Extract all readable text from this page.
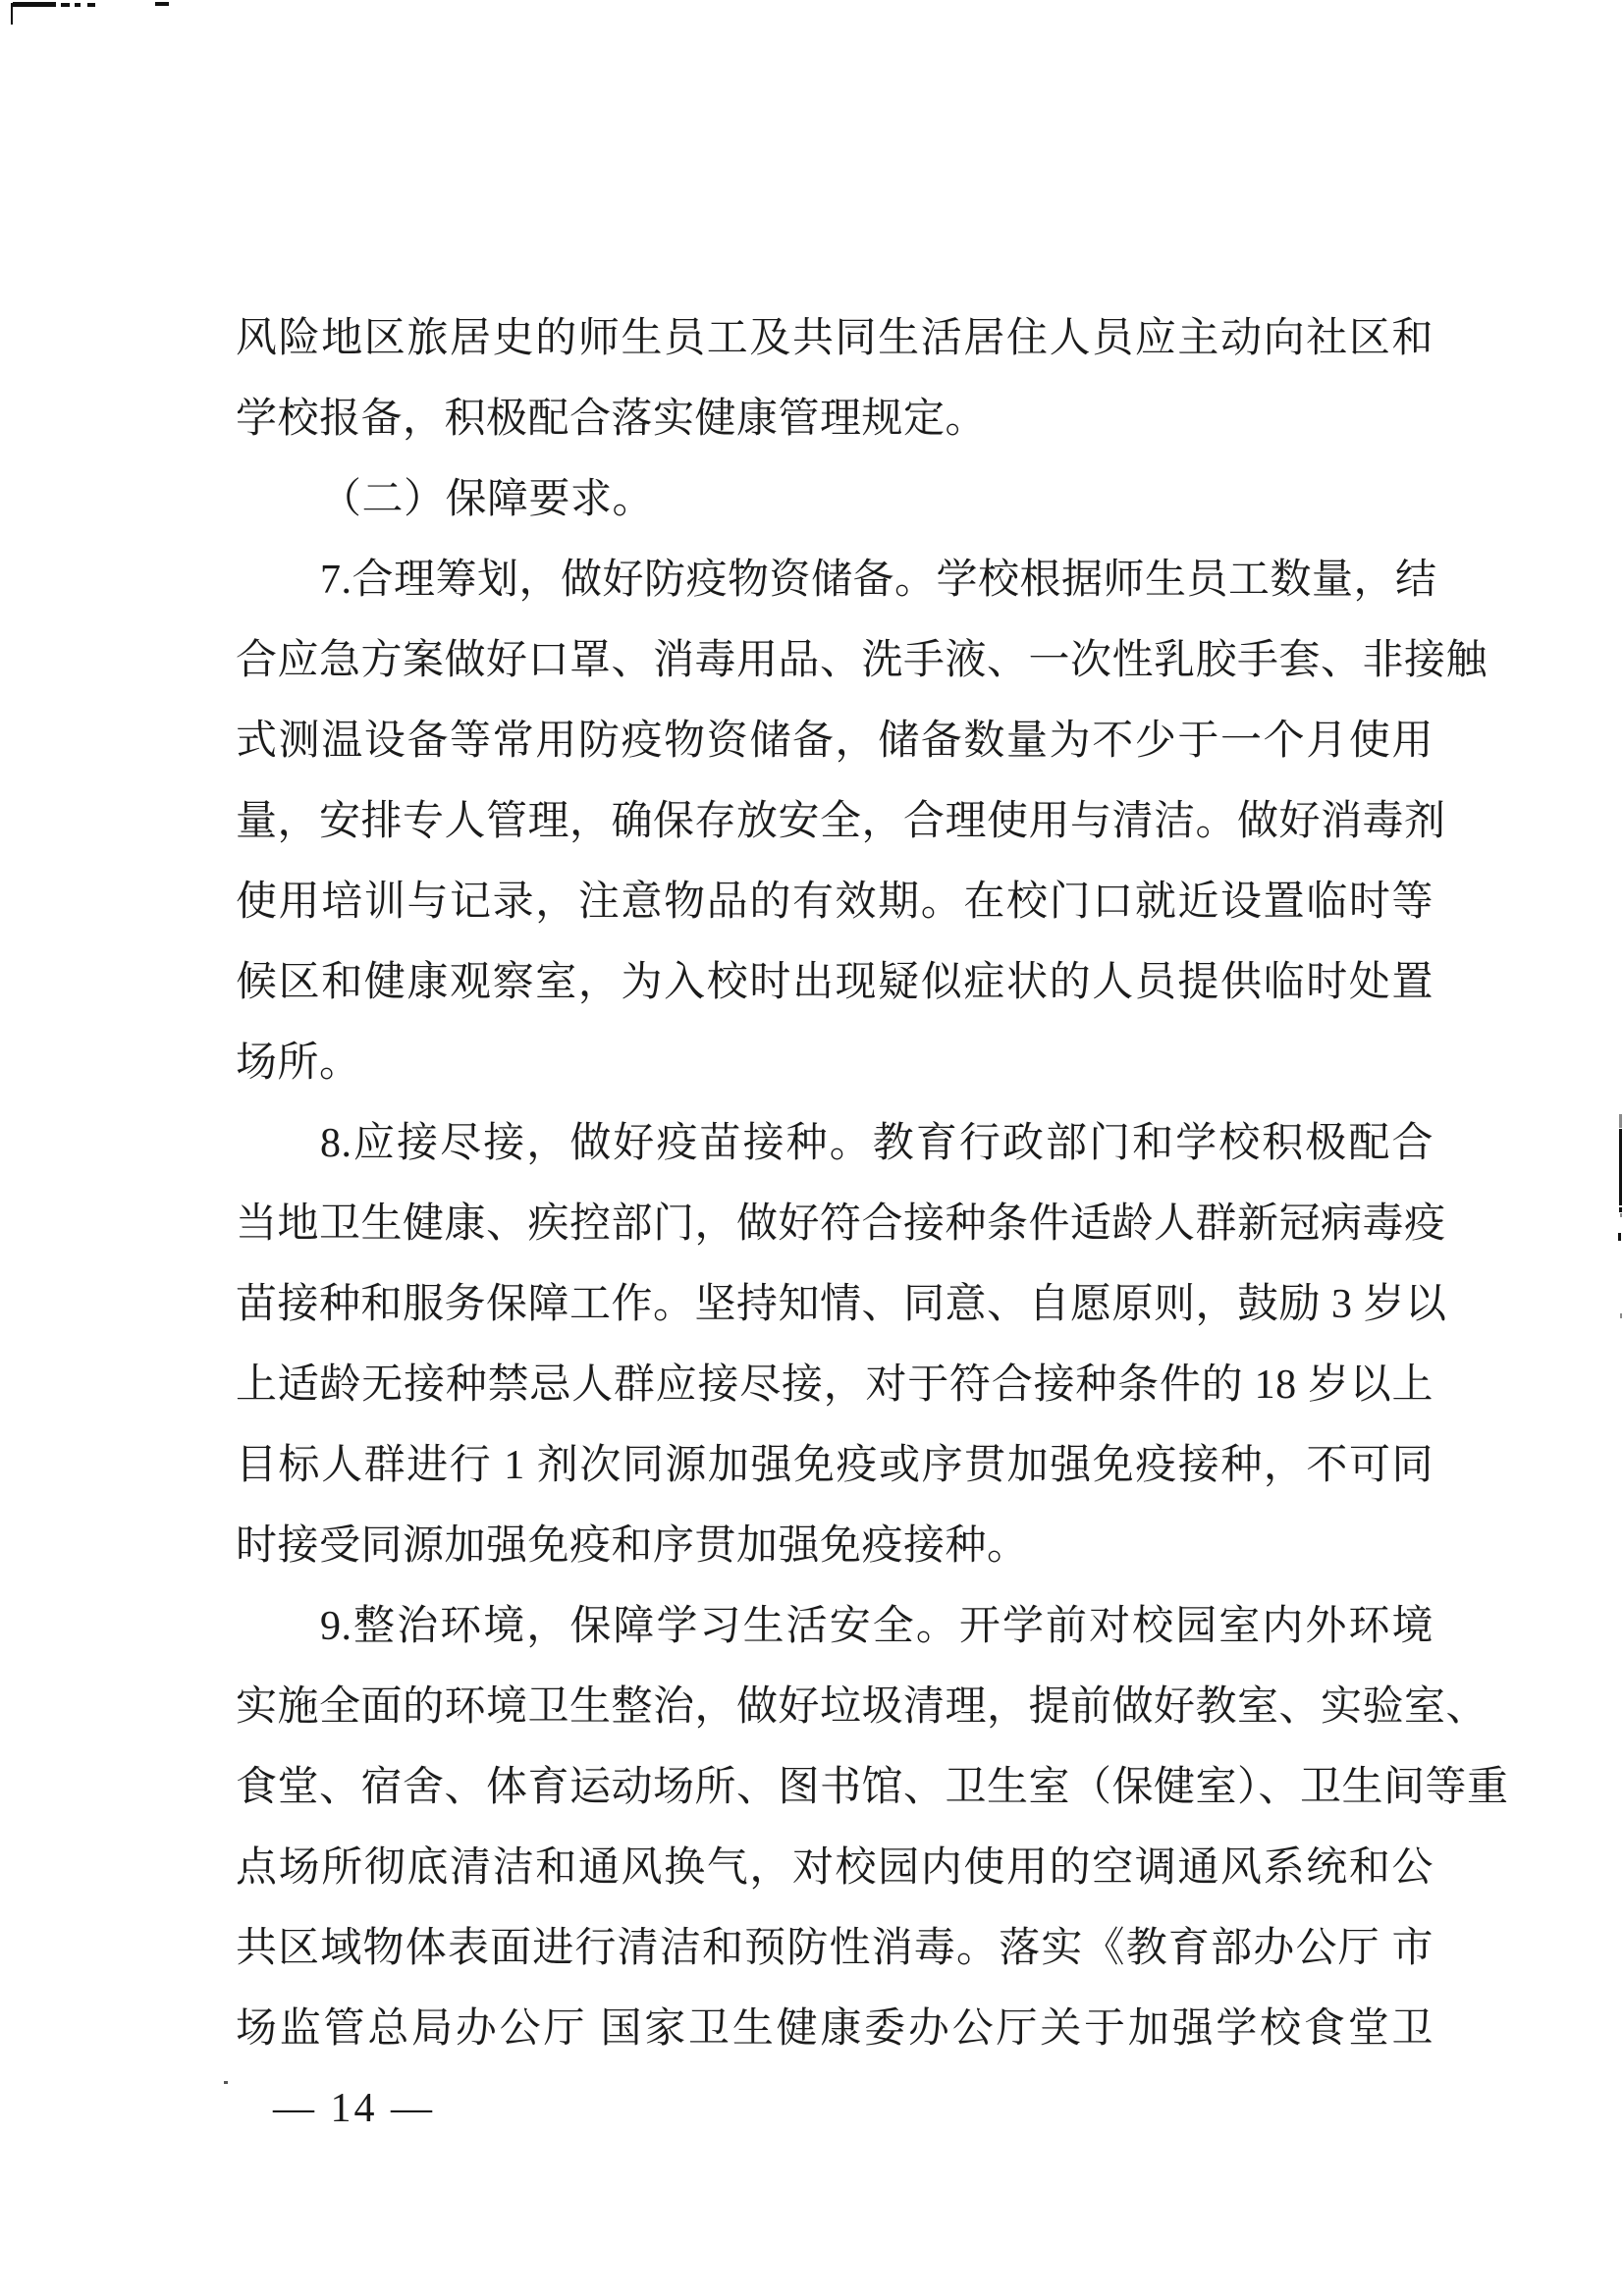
风险地区旅居史的师生员工及共同生活居住人员应主动向社区和
学校报备，积极配合落实健康管理规定。
（二）保障要求。
7.合理筹划，做好防疫物资储备。学校根据师生员工数量，结
合应急方案做好口罩、消毒用品、洗手液、一次性乳胶手套、非接触
式测温设备等常用防疫物资储备，储备数量为不少于一个月使用
量，安排专人管理，确保存放安全，合理使用与清洁。做好消毒剂
使用培训与记录，注意物品的有效期。在校门口就近设置临时等
候区和健康观察室，为入校时出现疑似症状的人员提供临时处置
场所。
8.应接尽接，做好疫苗接种。教育行政部门和学校积极配合
当地卫生健康、疾控部门，做好符合接种条件适龄人群新冠病毒疫
苗接种和服务保障工作。坚持知情、同意、自愿原则，鼓励 3 岁以
上适龄无接种禁忌人群应接尽接，对于符合接种条件的 18 岁以上
目标人群进行 1 剂次同源加强免疫或序贯加强免疫接种，不可同
时接受同源加强免疫和序贯加强免疫接种。
9.整治环境，保障学习生活安全。开学前对校园室内外环境
实施全面的环境卫生整治，做好垃圾清理，提前做好教室、实验室、
食堂、宿舍、体育运动场所、图书馆、卫生室（保健室）、卫生间等重
点场所彻底清洁和通风换气，对校园内使用的空调通风系统和公
共区域物体表面进行清洁和预防性消毒。落实《教育部办公厅 市
场监管总局办公厅 国家卫生健康委办公厅关于加强学校食堂卫
— 14 —
